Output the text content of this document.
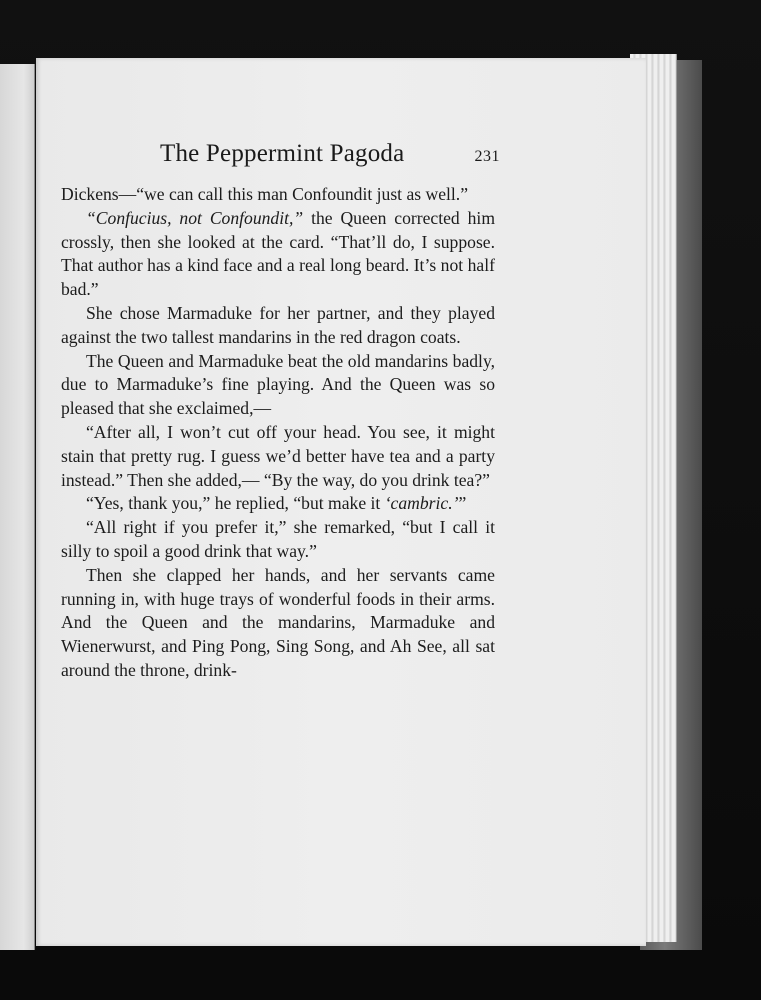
The Peppermint Pagoda	231

Dickens—“we can call this man Confoundit just as well.”

“Confucius, not Confoundit,” the Queen corrected him crossly, then she looked at the card. “That’ll do, I suppose. That author has a kind face and a real long beard. It’s not half bad.”

She chose Marmaduke for her partner, and they played against the two tallest mandarins in the red dragon coats.

The Queen and Marmaduke beat the old mandarins badly, due to Marmaduke’s fine playing. And the Queen was so pleased that she exclaimed,—

“After all, I won’t cut off your head. You see, it might stain that pretty rug. I guess we’d better have tea and a party instead.” Then she added,— “By the way, do you drink tea?”

“Yes, thank you,” he replied, “but make it ‘cambric.’”

“All right if you prefer it,” she remarked, “but I call it silly to spoil a good drink that way.”

Then she clapped her hands, and her servants came running in, with huge trays of wonderful foods in their arms. And the Queen and the mandarins, Marmaduke and Wienerwurst, and Ping Pong, Sing Song, and Ah See, all sat around the throne, drink-
